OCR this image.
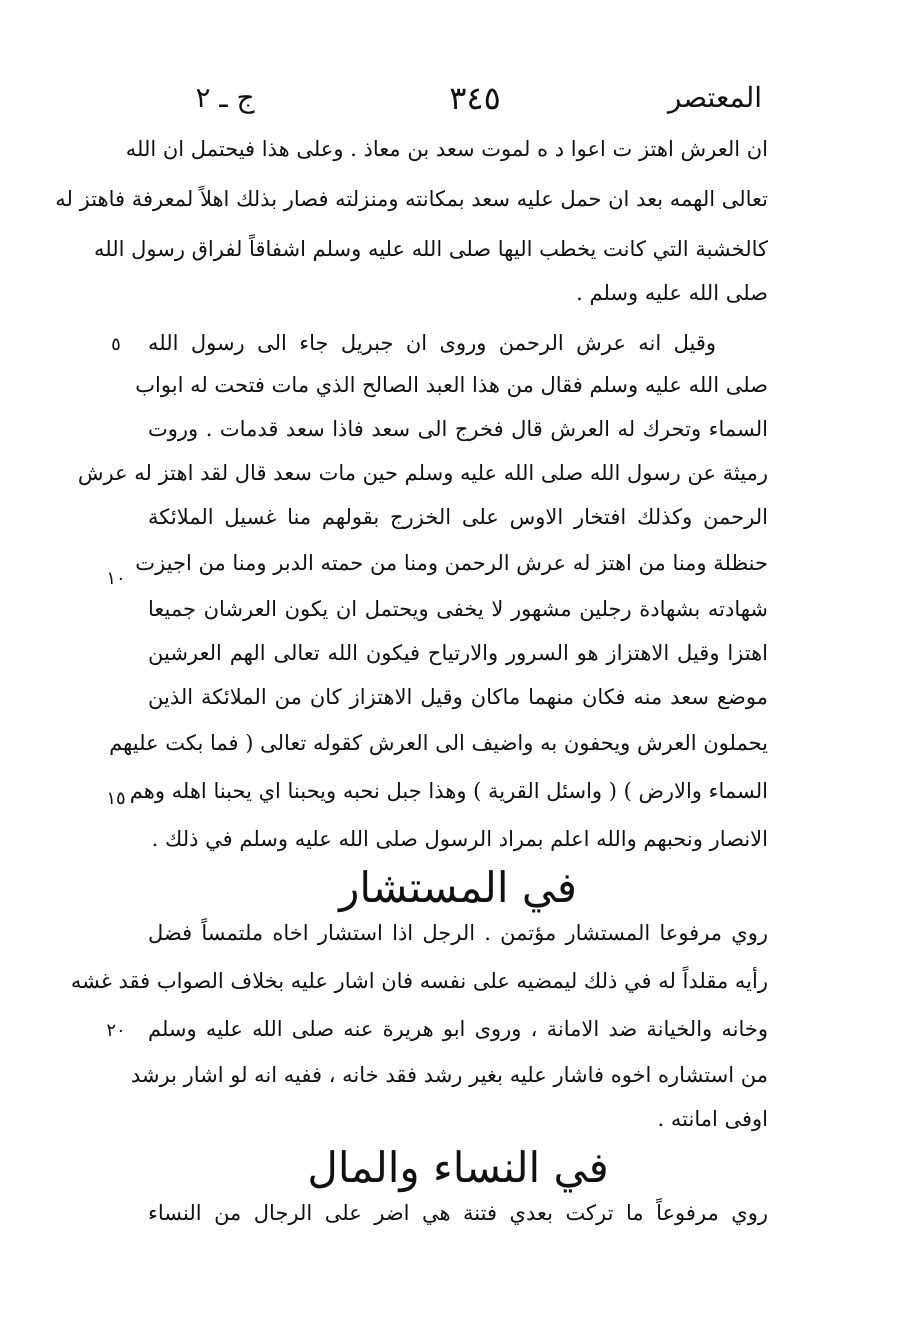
المعتصر
٣٤٥
ج ـ ٢
ان العرش اهتز ت اعوا د ه لموت سعد بن معاذ . وعلى هذا فيحتمل ان الله
تعالى الهمه بعد ان حمل عليه سعد بمكانته ومنزلته فصار بذلك اهلاً لمعرفة فاهتز له
كالخشبة التي كانت يخطب اليها صلى الله عليه وسلم اشفاقاً لفراق رسول الله
صلى الله عليه وسلم .
وقيل انه عرش الرحمن وروى ان جبريل جاء الى رسول الله
صلى الله عليه وسلم فقال من هذا العبد الصالح الذي مات فتحت له ابواب
السماء وتحرك له العرش قال فخرج الى سعد فاذا سعد قدمات . وروت
رميثة عن رسول الله صلى الله عليه وسلم حين مات سعد قال لقد اهتز له عرش
الرحمن وكذلك افتخار الاوس على الخزرج بقولهم منا غسيل الملائكة
حنظلة ومنا من اهتز له عرش الرحمن ومنا من حمته الدبر ومنا من اجيزت
شهادته بشهادة رجلين مشهور لا يخفى ويحتمل ان يكون العرشان جميعا
اهتزا وقيل الاهتزاز هو السرور والارتياح فيكون الله تعالى الهم العرشين
موضع سعد منه فكان منهما ماكان وقيل الاهتزاز كان من الملائكة الذين
يحملون العرش ويحفون به واضيف الى العرش كقوله تعالى ( فما بكت عليهم
السماء والارض ) ( واسئل القرية ) وهذا جبل نحبه ويحبنا اي يحبنا اهله وهم
الانصار ونحبهم والله اعلم بمراد الرسول صلى الله عليه وسلم في ذلك .
في المستشار
روي مرفوعا المستشار مؤتمن . الرجل اذا استشار اخاه ملتمساً فضل
رأيه مقلداً له في ذلك ليمضيه على نفسه فان اشار عليه بخلاف الصواب فقد غشه
وخانه والخيانة ضد الامانة ، وروى ابو هريرة عنه صلى الله عليه وسلم
من استشاره اخوه فاشار عليه بغير رشد فقد خانه ، ففيه انه لو اشار برشد
اوفى امانته .
في النساء والمال
روي مرفوعاً ما تركت بعدي فتنة هي اضر على الرجال من النساء
٥
١٠
١٥
٢٠
